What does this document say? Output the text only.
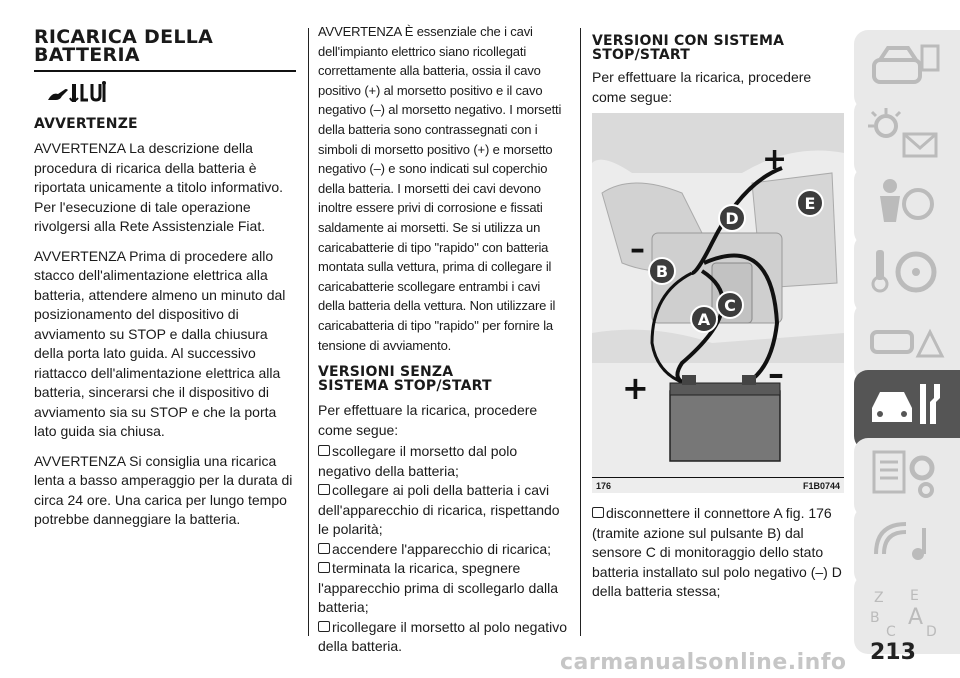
RICARICA DELLA
BATTERIA
AVVERTENZE

AVVERTENZA La descrizione della procedura di ricarica della batteria è riportata unicamente a titolo informativo. Per l'esecuzione di tale operazione rivolgersi alla Rete Assistenziale Fiat.

AVVERTENZA Prima di procedere allo stacco dell'alimentazione elettrica alla batteria, attendere almeno un minuto dal posizionamento del dispositivo di avviamento su STOP e dalla chiusura della porta lato guida. Al successivo riattacco dell'alimentazione elettrica alla batteria, sincerarsi che il dispositivo di avviamento sia su STOP e che la porta lato guida sia chiusa.

AVVERTENZA Si consiglia una ricarica lenta a basso amperaggio per la durata di circa 24 ore. Una carica per lungo tempo potrebbe danneggiare la batteria.

AVVERTENZA È essenziale che i cavi dell'impianto elettrico siano ricollegati correttamente alla batteria, ossia il cavo positivo (+) al morsetto positivo e il cavo negativo (–) al morsetto negativo. I morsetti della batteria sono contrassegnati con i simboli di morsetto positivo (+) e morsetto negativo (–) e sono indicati sul coperchio della batteria. I morsetti dei cavi devono inoltre essere privi di corrosione e fissati saldamente ai morsetti. Se si utilizza un caricabatterie di tipo "rapido" con batteria montata sulla vettura, prima di collegare il caricabatterie scollegare entrambi i cavi della batteria della vettura. Non utilizzare il caricabatteria di tipo "rapido" per fornire la tensione di avviamento.

VERSIONI SENZA
SISTEMA STOP/START

Per effettuare la ricarica, procedere come segue:

scollegare il morsetto dal polo negativo della batteria;

collegare ai poli della batteria i cavi dell'apparecchio di ricarica, rispettando le polarità;

accendere l'apparecchio di ricarica;

terminata la ricarica, spegnere l'apparecchio prima di scollegarlo dalla batteria;

ricollegare il morsetto al polo negativo della batteria.

VERSIONI CON SISTEMA
STOP/START

Per effettuare la ricarica, procedere come segue:

+
–
+	–
E
D
B
C
A
176	F1B0744

disconnettere il connettore A fig. 176 (tramite azione sul pulsante B) dal sensore C di monitoraggio dello stato batteria installato sul polo negativo (–) D della batteria stessa;	Z E
B A
C D
213
carmanualsonline.info
